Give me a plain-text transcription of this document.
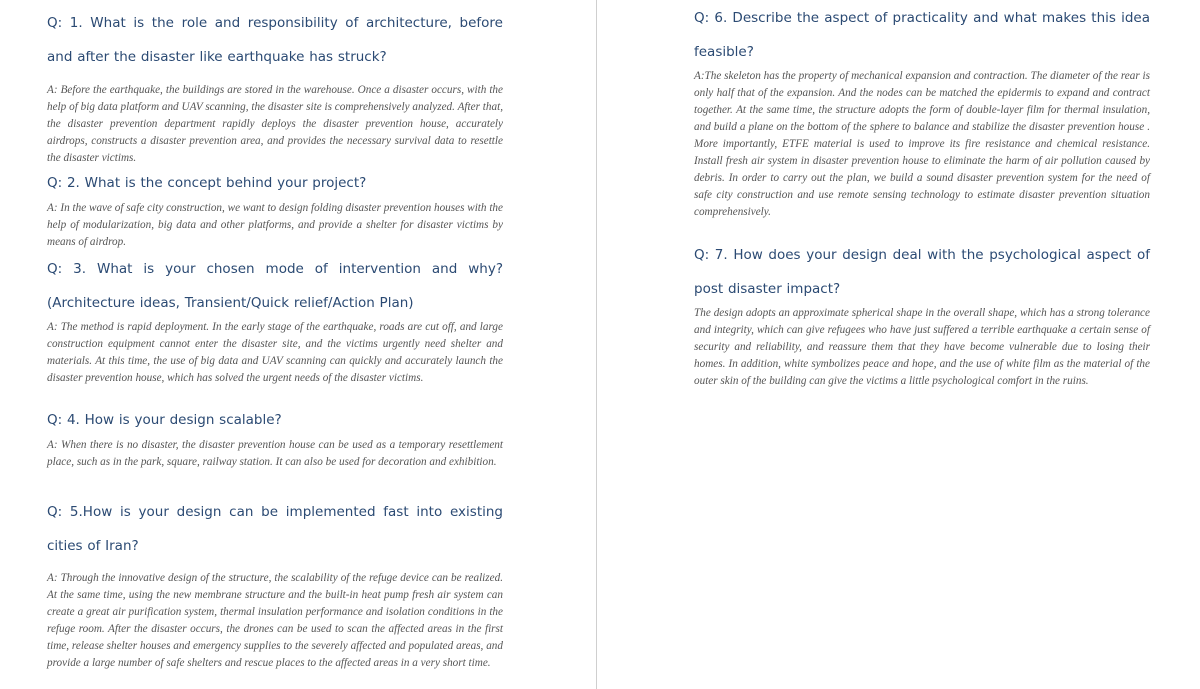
Q: 1. What is the role and responsibility of architecture, before and after the disaster like earthquake has struck?

A: Before the earthquake, the buildings are stored in the warehouse. Once a disaster occurs, with the help of big data platform and UAV scanning, the disaster site is comprehensively analyzed. After that, the disaster prevention department rapidly deploys the disaster prevention house, accurately airdrops, constructs a disaster prevention area, and provides the necessary survival data to resettle the disaster victims.

Q: 2. What is the concept behind your project?

A: In the wave of safe city construction, we want to design folding disaster prevention houses with the help of modularization, big data and other platforms, and provide a shelter for disaster victims by means of airdrop.

Q: 3. What is your chosen mode of intervention and why? (Architecture ideas, Transient/Quick relief/Action Plan)

A: The method is rapid deployment. In the early stage of the earthquake, roads are cut off, and large construction equipment cannot enter the disaster site, and the victims urgently need shelter and materials. At this time, the use of big data and UAV scanning can quickly and accurately launch the disaster prevention house, which has solved the urgent needs of the disaster victims.

Q: 4. How is your design scalable?

A: When there is no disaster, the disaster prevention house can be used as a temporary resettlement place, such as in the park, square, railway station. It can also be used for decoration and exhibition.

Q: 5.How is your design can be implemented fast into existing cities of Iran?

A: Through the innovative design of the structure, the scalability of the refuge device can be realized. At the same time, using the new membrane structure and the built-in heat pump fresh air system can create a great air purification system, thermal insulation performance and isolation conditions in the refuge room. After the disaster occurs, the drones can be used to scan the affected areas in the first time, release shelter houses and emergency supplies to the severely affected and populated areas, and provide a large number of safe shelters and rescue places to the affected areas in a very short time.

Q: 6. Describe the aspect of practicality and what makes this idea feasible?

A:The skeleton has the property of mechanical expansion and contraction. The diameter of the rear is only half that of the expansion. And the nodes can be matched the epidermis to expand and contract together. At the same time, the structure adopts the form of double-layer film for thermal insulation, and build a plane on the bottom of the sphere to balance and stabilize the disaster prevention house . More importantly, ETFE material is used to improve its fire resistance and chemical resistance. Install fresh air system in disaster prevention house to eliminate the harm of air pollution caused by debris. In order to carry out the plan, we build a sound disaster prevention system for the need of safe city construction and use remote sensing technology to estimate disaster prevention situation comprehensively.

Q: 7. How does your design deal with the psychological aspect of post disaster impact?

The design adopts an approximate spherical shape in the overall shape, which has a strong tolerance and integrity, which can give refugees who have just suffered a terrible earthquake a certain sense of security and reliability, and reassure them that they have become vulnerable due to losing their homes. In addition, white symbolizes peace and hope, and the use of white film as the material of the outer skin of the building can give the victims a little psychological comfort in the ruins.
